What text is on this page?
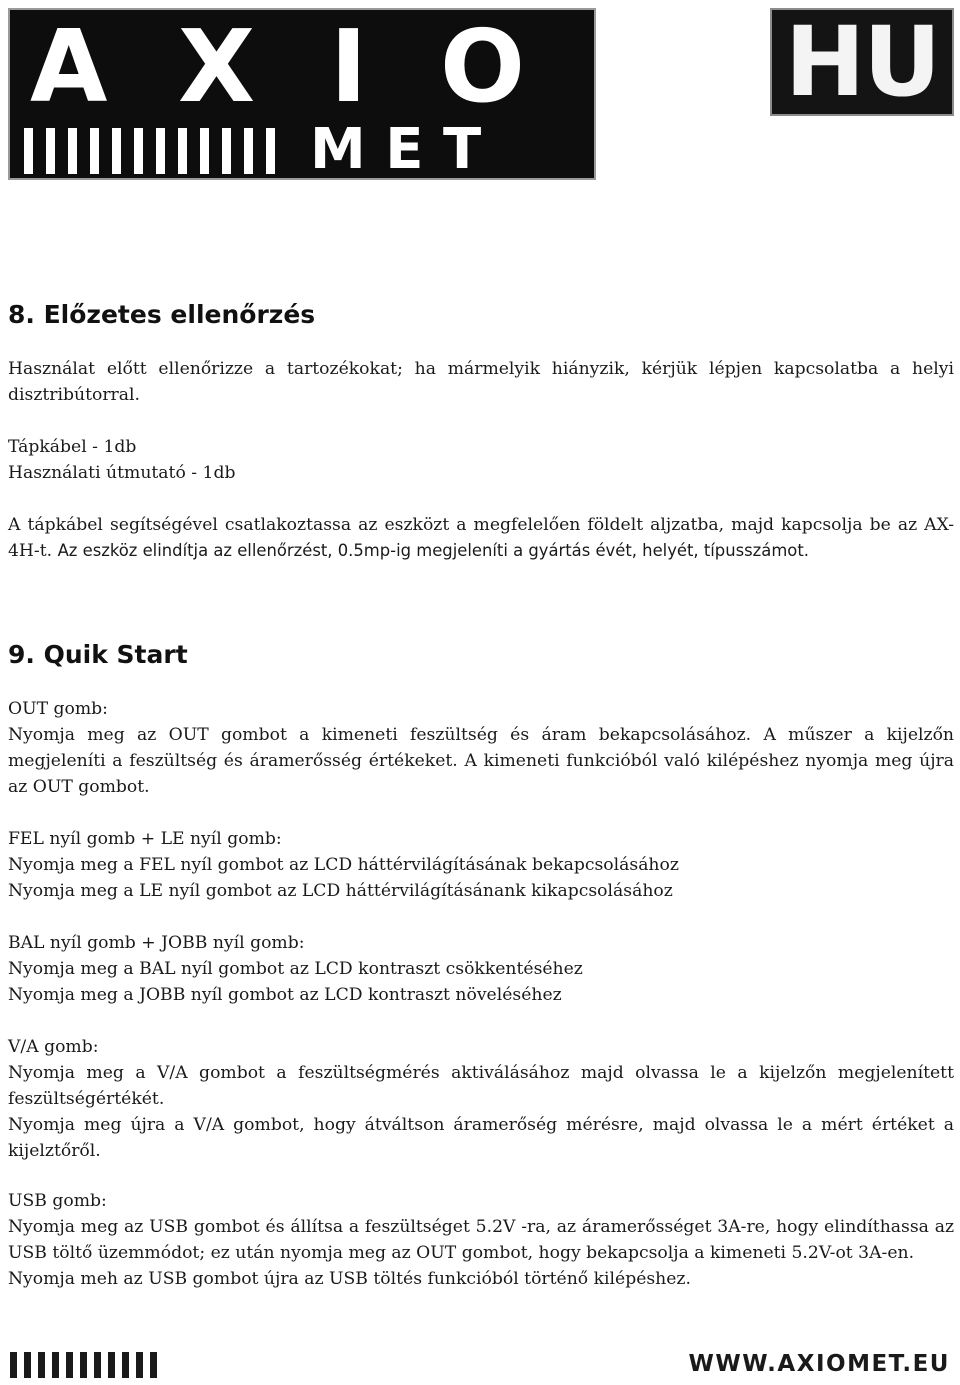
A X I O
M E T
HU
8. Előzetes ellenőrzés
Használat előtt ellenőrizze a tartozékokat; ha mármelyik hiányzik, kérjük lépjen kapcsolatba a helyi disztribútorral.
Tápkábel - 1db
Használati útmutató - 1db
A tápkábel segítségével csatlakoztassa az eszközt a megfelelően földelt aljzatba, majd kapcsolja be az AX-4H-t. Az eszköz elindítja az ellenőrzést, 0.5mp-ig megjeleníti a gyártás évét, helyét, típusszámot.
9. Quik Start
OUT gomb:
Nyomja meg az OUT gombot a kimeneti feszültség és áram bekapcsolásához. A műszer a kijelzőn megjeleníti a feszültség és áramerősség értékeket. A kimeneti funkcióból való kilépéshez nyomja meg újra az OUT gombot.
FEL nyíl gomb + LE nyíl gomb:
Nyomja meg a FEL nyíl gombot az LCD háttérvilágításának bekapcsolásához
Nyomja meg a LE nyíl gombot az LCD háttérvilágításánank kikapcsolásához
BAL nyíl gomb + JOBB nyíl gomb:
Nyomja meg a BAL nyíl gombot az LCD kontraszt csökkentéséhez
Nyomja meg a JOBB nyíl gombot az LCD kontraszt növeléséhez
V/A gomb:
Nyomja meg a V/A gombot a feszültségmérés aktiválásához majd olvassa le a kijelzőn megjelenített feszültségértékét.
Nyomja meg újra a V/A gombot, hogy átváltson áramerőség mérésre, majd olvassa le a mért értéket a kijelztőről.
USB gomb:
Nyomja meg az USB gombot és állítsa a feszültséget 5.2V -ra, az áramerősséget 3A-re, hogy elindíthassa az USB töltő üzemmódot; ez után nyomja meg az OUT gombot, hogy bekapcsolja a kimeneti 5.2V-ot 3A-en.
Nyomja meh az USB gombot újra az USB töltés funkcióból történő kilépéshez.
WWW.AXIOMET.EU
